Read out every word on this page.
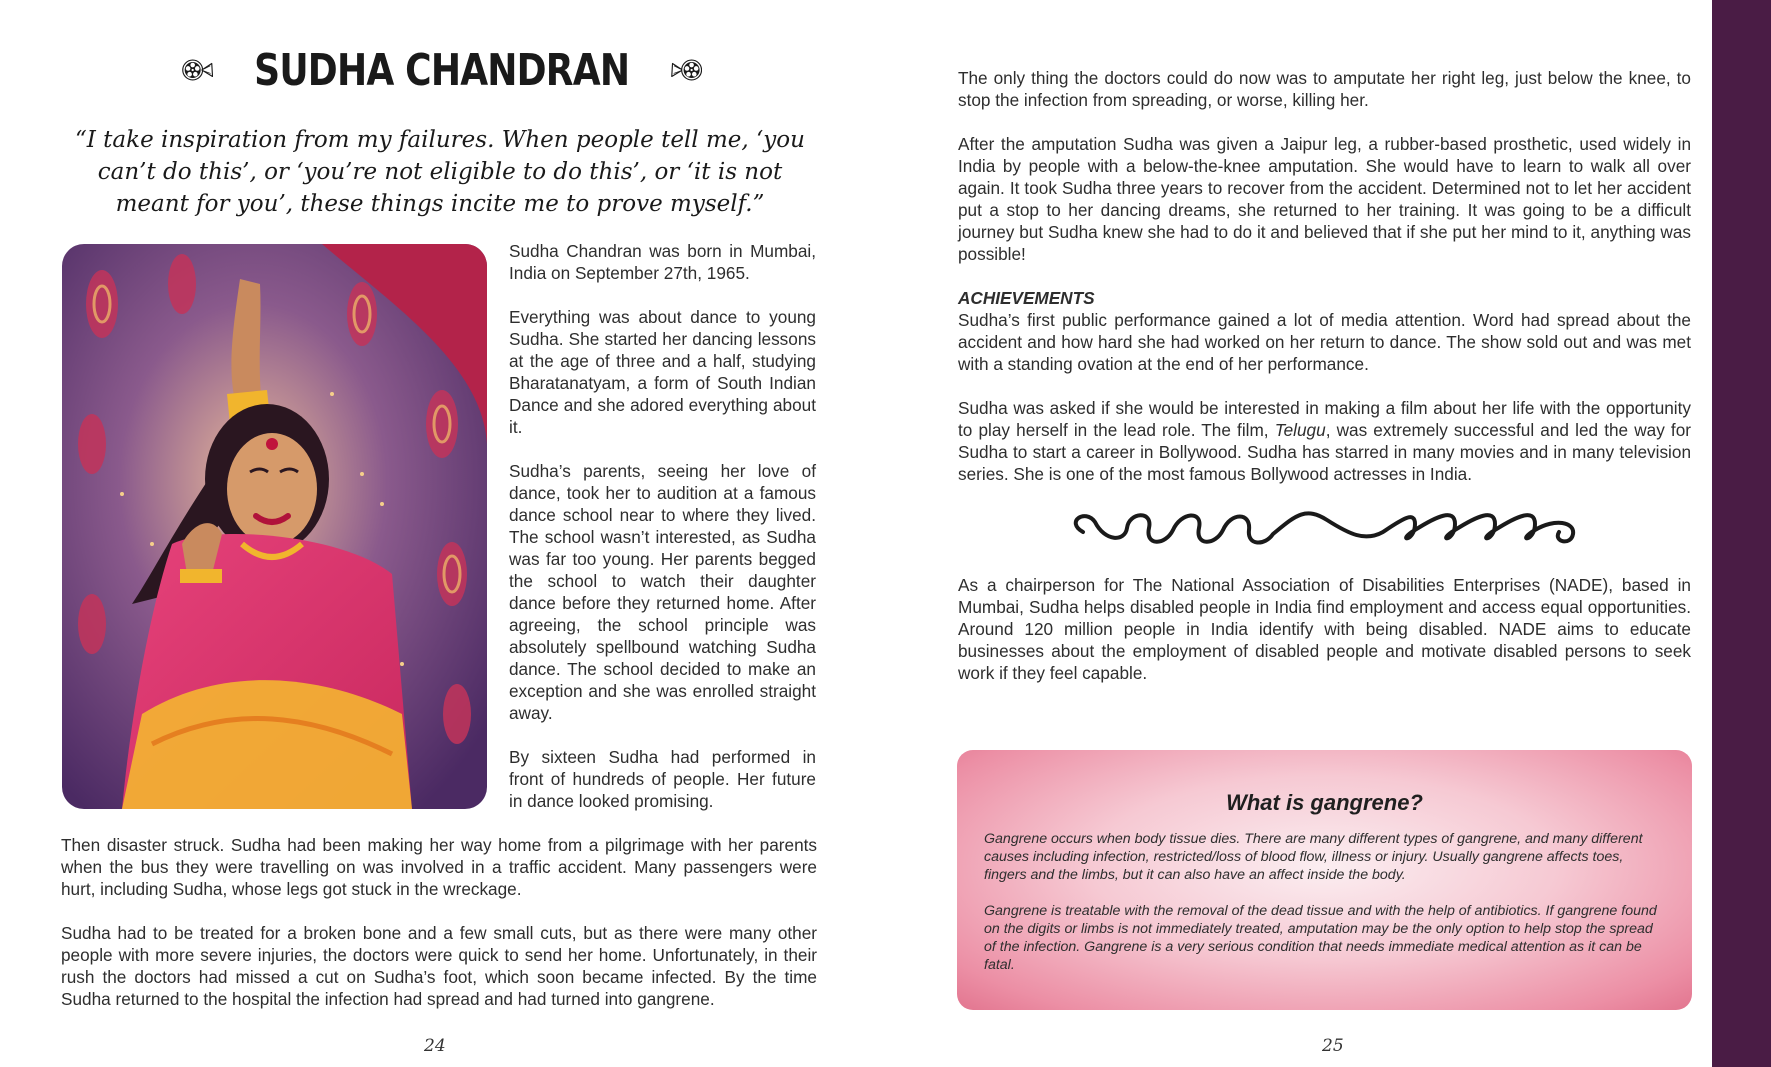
SUDHA CHANDRAN
“I take inspiration from my failures. When people tell me, ‘you can’t do this’, or ‘you’re not eligible to do this’, or ‘it is not meant for you’, these things incite me to prove myself.”

Sudha Chandran was born in Mumbai, India on September 27th, 1965.

Everything was about dance to young Sudha. She started her dancing lessons at the age of three and a half, studying Bharatanatyam, a form of South Indian Dance and she adored everything about it.

Sudha’s parents, seeing her love of dance, took her to audition at a famous dance school near to where they lived. The school wasn’t interested, as Sudha was far too young. Her parents begged the school to watch their daughter dance before they returned home. After agreeing, the school principle was absolutely spellbound watching Sudha dance. The school decided to make an exception and she was enrolled straight away.

By sixteen Sudha had performed in front of hundreds of people. Her future in dance looked promising.

Then disaster struck. Sudha had been making her way home from a pilgrimage with her parents when the bus they were travelling on was involved in a traffic accident. Many passengers were hurt, including Sudha, whose legs got stuck in the wreckage.

Sudha had to be treated for a broken bone and a few small cuts, but as there were many other people with more severe injuries, the doctors were quick to send her home. Unfortunately, in their rush the doctors had missed a cut on Sudha’s foot, which soon became infected. By the time Sudha returned to the hospital the infection had spread and had turned into gangrene.

24

The only thing the doctors could do now was to amputate her right leg, just below the knee, to stop the infection from spreading, or worse, killing her.

After the amputation Sudha was given a Jaipur leg, a rubber-based prosthetic, used widely in India by people with a below-the-knee amputation. She would have to learn to walk all over again. It took Sudha three years to recover from the accident. Determined not to let her accident put a stop to her dancing dreams, she returned to her training. It was going to be a difficult journey but Sudha knew she had to do it and believed that if she put her mind to it, anything was possible!

ACHIEVEMENTS
Sudha’s first public performance gained a lot of media attention. Word had spread about the accident and how hard she had worked on her return to dance. The show sold out and was met with a standing ovation at the end of her performance.

Sudha was asked if she would be interested in making a film about her life with the opportunity to play herself in the lead role. The film, Telugu, was extremely successful and led the way for Sudha to start a career in Bollywood. Sudha has starred in many movies and in many television series. She is one of the most famous Bollywood actresses in India.

As a chairperson for The National Association of Disabilities Enterprises (NADE), based in Mumbai, Sudha helps disabled people in India find employment and access equal opportunities. Around 120 million people in India identify with being disabled. NADE aims to educate businesses about the employment of disabled people and motivate disabled persons to seek work if they feel capable.

What is gangrene?

Gangrene occurs when body tissue dies. There are many different types of gangrene, and many different causes including infection, restricted/loss of blood flow, illness or injury. Usually gangrene affects toes, fingers and the limbs, but it can also have an affect inside the body.

Gangrene is treatable with the removal of the dead tissue and with the help of antibiotics. If gangrene found on the digits or limbs is not immediately treated, amputation may be the only option to help stop the spread of the infection. Gangrene is a very serious condition that needs immediate medical attention as it can be fatal.

25
